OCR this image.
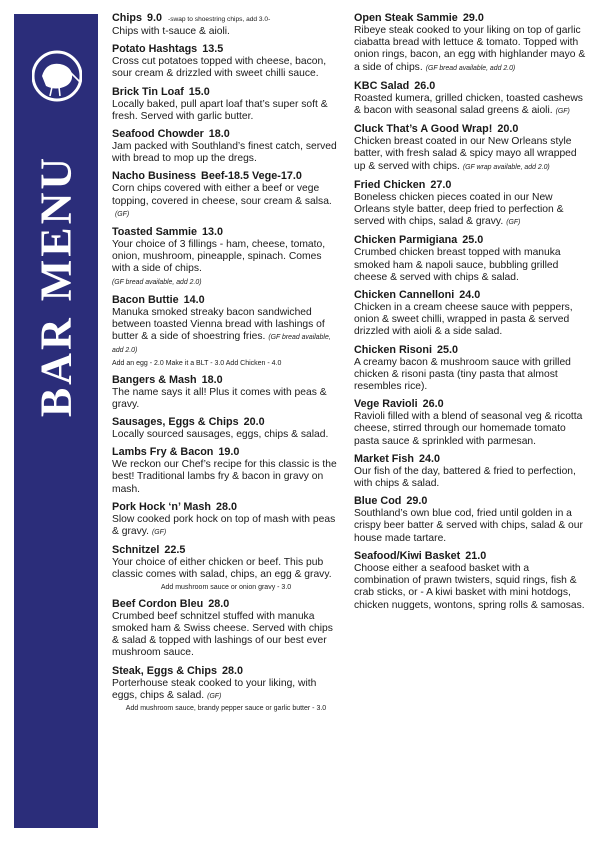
BAR MENU
Chips 9.0 -swap to shoestring chips, add 3.0-
Chips with t-sauce & aioli.
Potato Hashtags 13.5
Cross cut potatoes topped with cheese, bacon, sour cream & drizzled with sweet chilli sauce.
Brick Tin Loaf 15.0
Locally baked, pull apart loaf that’s super soft & fresh. Served with garlic butter.
Seafood Chowder 18.0
Jam packed with Southland’s finest catch, served with bread to mop up the dregs.
Nacho Business Beef-18.5 Vege-17.0
Corn chips covered with either a beef or vege topping, covered in cheese, sour cream & salsa.(GF)
Toasted Sammie 13.0
Your choice of 3 fillings - ham, cheese, tomato, onion, mushroom, pineapple, spinach. Comes with a side of chips.
(GF bread available, add 2.0)
Bacon Buttie 14.0
Manuka smoked streaky bacon sandwiched between toasted Vienna bread with lashings of butter & a side of shoestring fries. (GF bread available, add 2.0)
Add an egg - 2.0 Make it a BLT - 3.0 Add Chicken - 4.0
Bangers & Mash 18.0
The name says it all! Plus it comes with peas & gravy.
Sausages, Eggs & Chips 20.0
Locally sourced sausages, eggs, chips & salad.
Lambs Fry & Bacon 19.0
We reckon our Chef’s recipe for this classic is the best! Traditional lambs fry & bacon in gravy on mash.
Pork Hock ‘n’ Mash 28.0
Slow cooked pork hock on top of mash with peas & gravy. (GF)
Schnitzel 22.5
Your choice of either chicken or beef. This pub classic comes with salad, chips, an egg & gravy.
Add mushroom sauce or onion gravy - 3.0
Beef Cordon Bleu 28.0
Crumbed beef schnitzel stuffed with manuka smoked ham & Swiss cheese. Served with chips & salad & topped with lashings of our best ever mushroom sauce.
Steak, Eggs & Chips 28.0
Porterhouse steak cooked to your liking, with eggs, chips & salad. (GF)
Add mushroom sauce, brandy pepper sauce or garlic butter - 3.0
Open Steak Sammie 29.0
Ribeye steak cooked to your liking on top of garlic ciabatta bread with lettuce & tomato. Topped with onion rings, bacon, an egg with highlander mayo & a side of chips. (GF bread available, add 2.0)
KBC Salad 26.0
Roasted kumera, grilled chicken, toasted cashews & bacon with seasonal salad greens & aioli. (GF)
Cluck That’s A Good Wrap! 20.0
Chicken breast coated in our New Orleans style batter, with fresh salad & spicy mayo all wrapped up & served with chips. (GF wrap available, add 2.0)
Fried Chicken 27.0
Boneless chicken pieces coated in our New Orleans style batter, deep fried to perfection & served with chips, salad & gravy. (GF)
Chicken Parmigiana 25.0
Crumbed chicken breast topped with manuka smoked ham & napoli sauce, bubbling grilled cheese & served with chips & salad.
Chicken Cannelloni 24.0
Chicken in a cream cheese sauce with peppers, onion & sweet chilli, wrapped in pasta & served drizzled with aioli & a side salad.
Chicken Risoni 25.0
A creamy bacon & mushroom sauce with grilled chicken & risoni pasta (tiny pasta that almost resembles rice).
Vege Ravioli 26.0
Ravioli filled with a blend of seasonal veg & ricotta cheese, stirred through our homemade tomato pasta sauce & sprinkled with parmesan.
Market Fish 24.0
Our fish of the day, battered & fried to perfection, with chips & salad.
Blue Cod 29.0
Southland’s own blue cod, fried until golden in a crispy beer batter & served with chips, salad & our house made tartare.
Seafood/Kiwi Basket 21.0
Choose either a seafood basket with a combination of prawn twisters, squid rings, fish & crab sticks, or - A kiwi basket with mini hotdogs, chicken nuggets, wontons, spring rolls & samosas.
